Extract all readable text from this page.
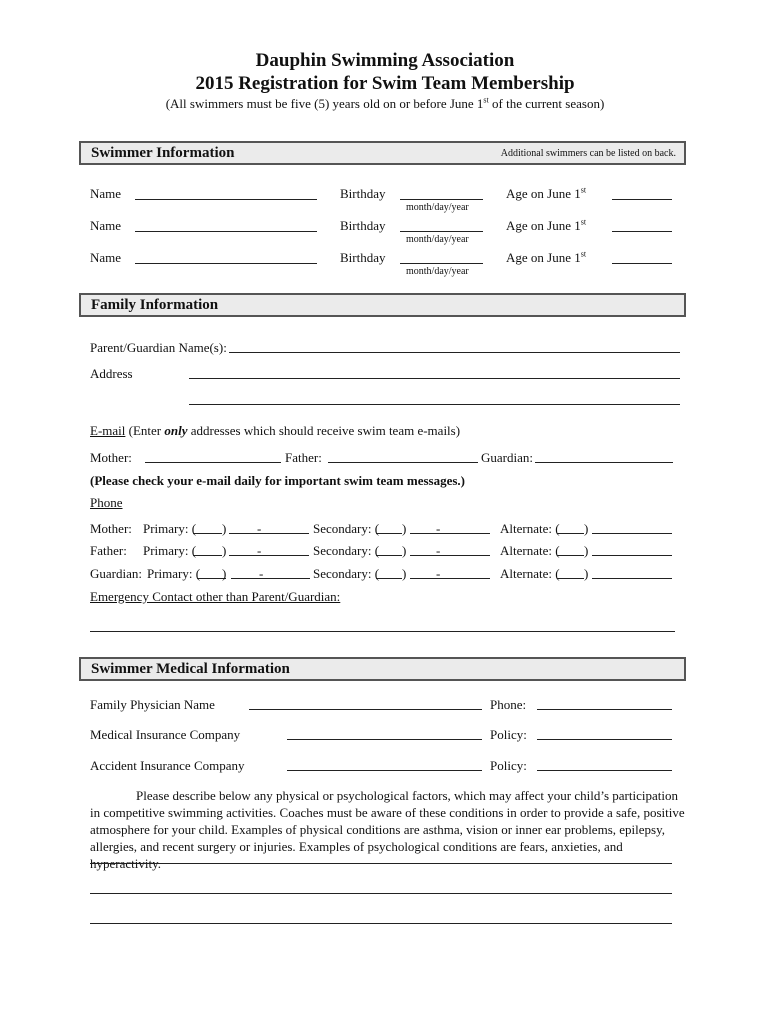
Dauphin Swimming Association
2015 Registration for Swim Team Membership
(All swimmers must be five (5) years old on or before June 1st of the current season)
Swimmer Information	Additional swimmers can be listed on back.
Name	Birthday
month/day/year
Age on June 1st
Name	Birthday
month/day/year
Age on June 1st
Name	Birthday
month/day/year
Age on June 1st
Family Information
Parent/Guardian Name(s):
Address
E-mail (Enter only addresses which should receive swim team e-mails)
Mother:	Father:	Guardian:
(Please check your e-mail daily for important swim team messages.)
Phone
Mother: Primary: ( ) -	Secondary: ( ) -	Alternate: ( )
Father: Primary: ( ) -	Secondary: ( ) -	Alternate: ( )
Guardian: Primary: ( )	-	Secondary: ( ) -	Alternate: ( )
Emergency Contact other than Parent/Guardian:
Swimmer Medical Information
Family Physician Name	Phone:
Medical Insurance Company	Policy:
Accident Insurance Company	Policy:
Please describe below any physical or psychological factors, which may affect your child’s participation in competitive swimming activities. Coaches must be aware of these conditions in order to provide a safe, positive atmosphere for your child. Examples of physical conditions are asthma, vision or inner ear problems, epilepsy, allergies, and recent surgery or injuries. Examples of psychological conditions are fears, anxieties, and hyperactivity.
